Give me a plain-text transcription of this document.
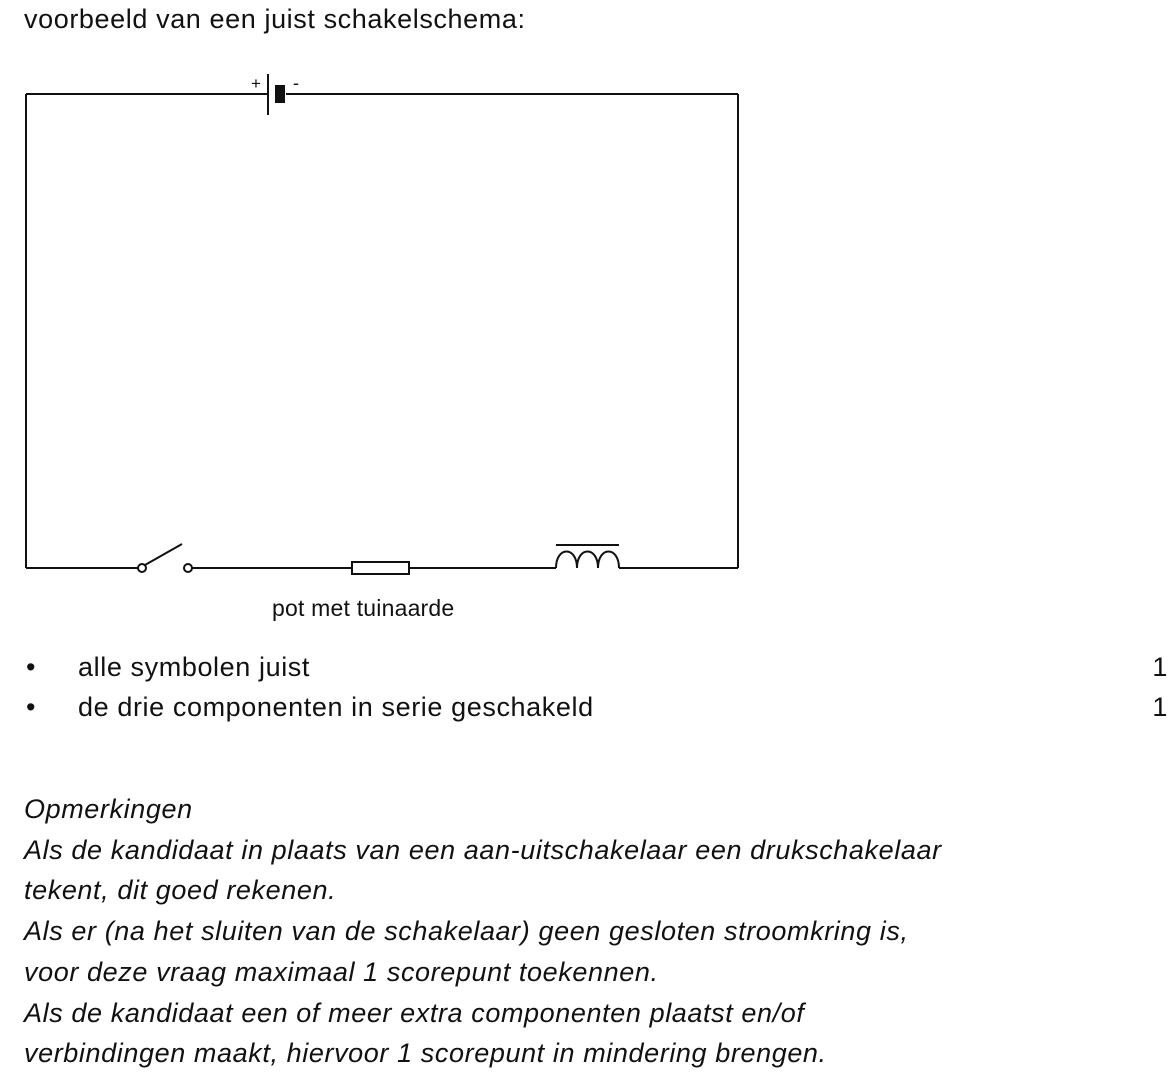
voorbeeld van een juist schakelschema:
+ -
pot met tuinaarde
• alle symbolen juist	1
• de drie componenten in serie geschakeld	1
Opmerkingen
Als de kandidaat in plaats van een aan-uitschakelaar een drukschakelaar
tekent, dit goed rekenen.
Als er (na het sluiten van de schakelaar) geen gesloten stroomkring is,
voor deze vraag maximaal 1 scorepunt toekennen.
Als de kandidaat een of meer extra componenten plaatst en/of
verbindingen maakt, hiervoor 1 scorepunt in mindering brengen.
